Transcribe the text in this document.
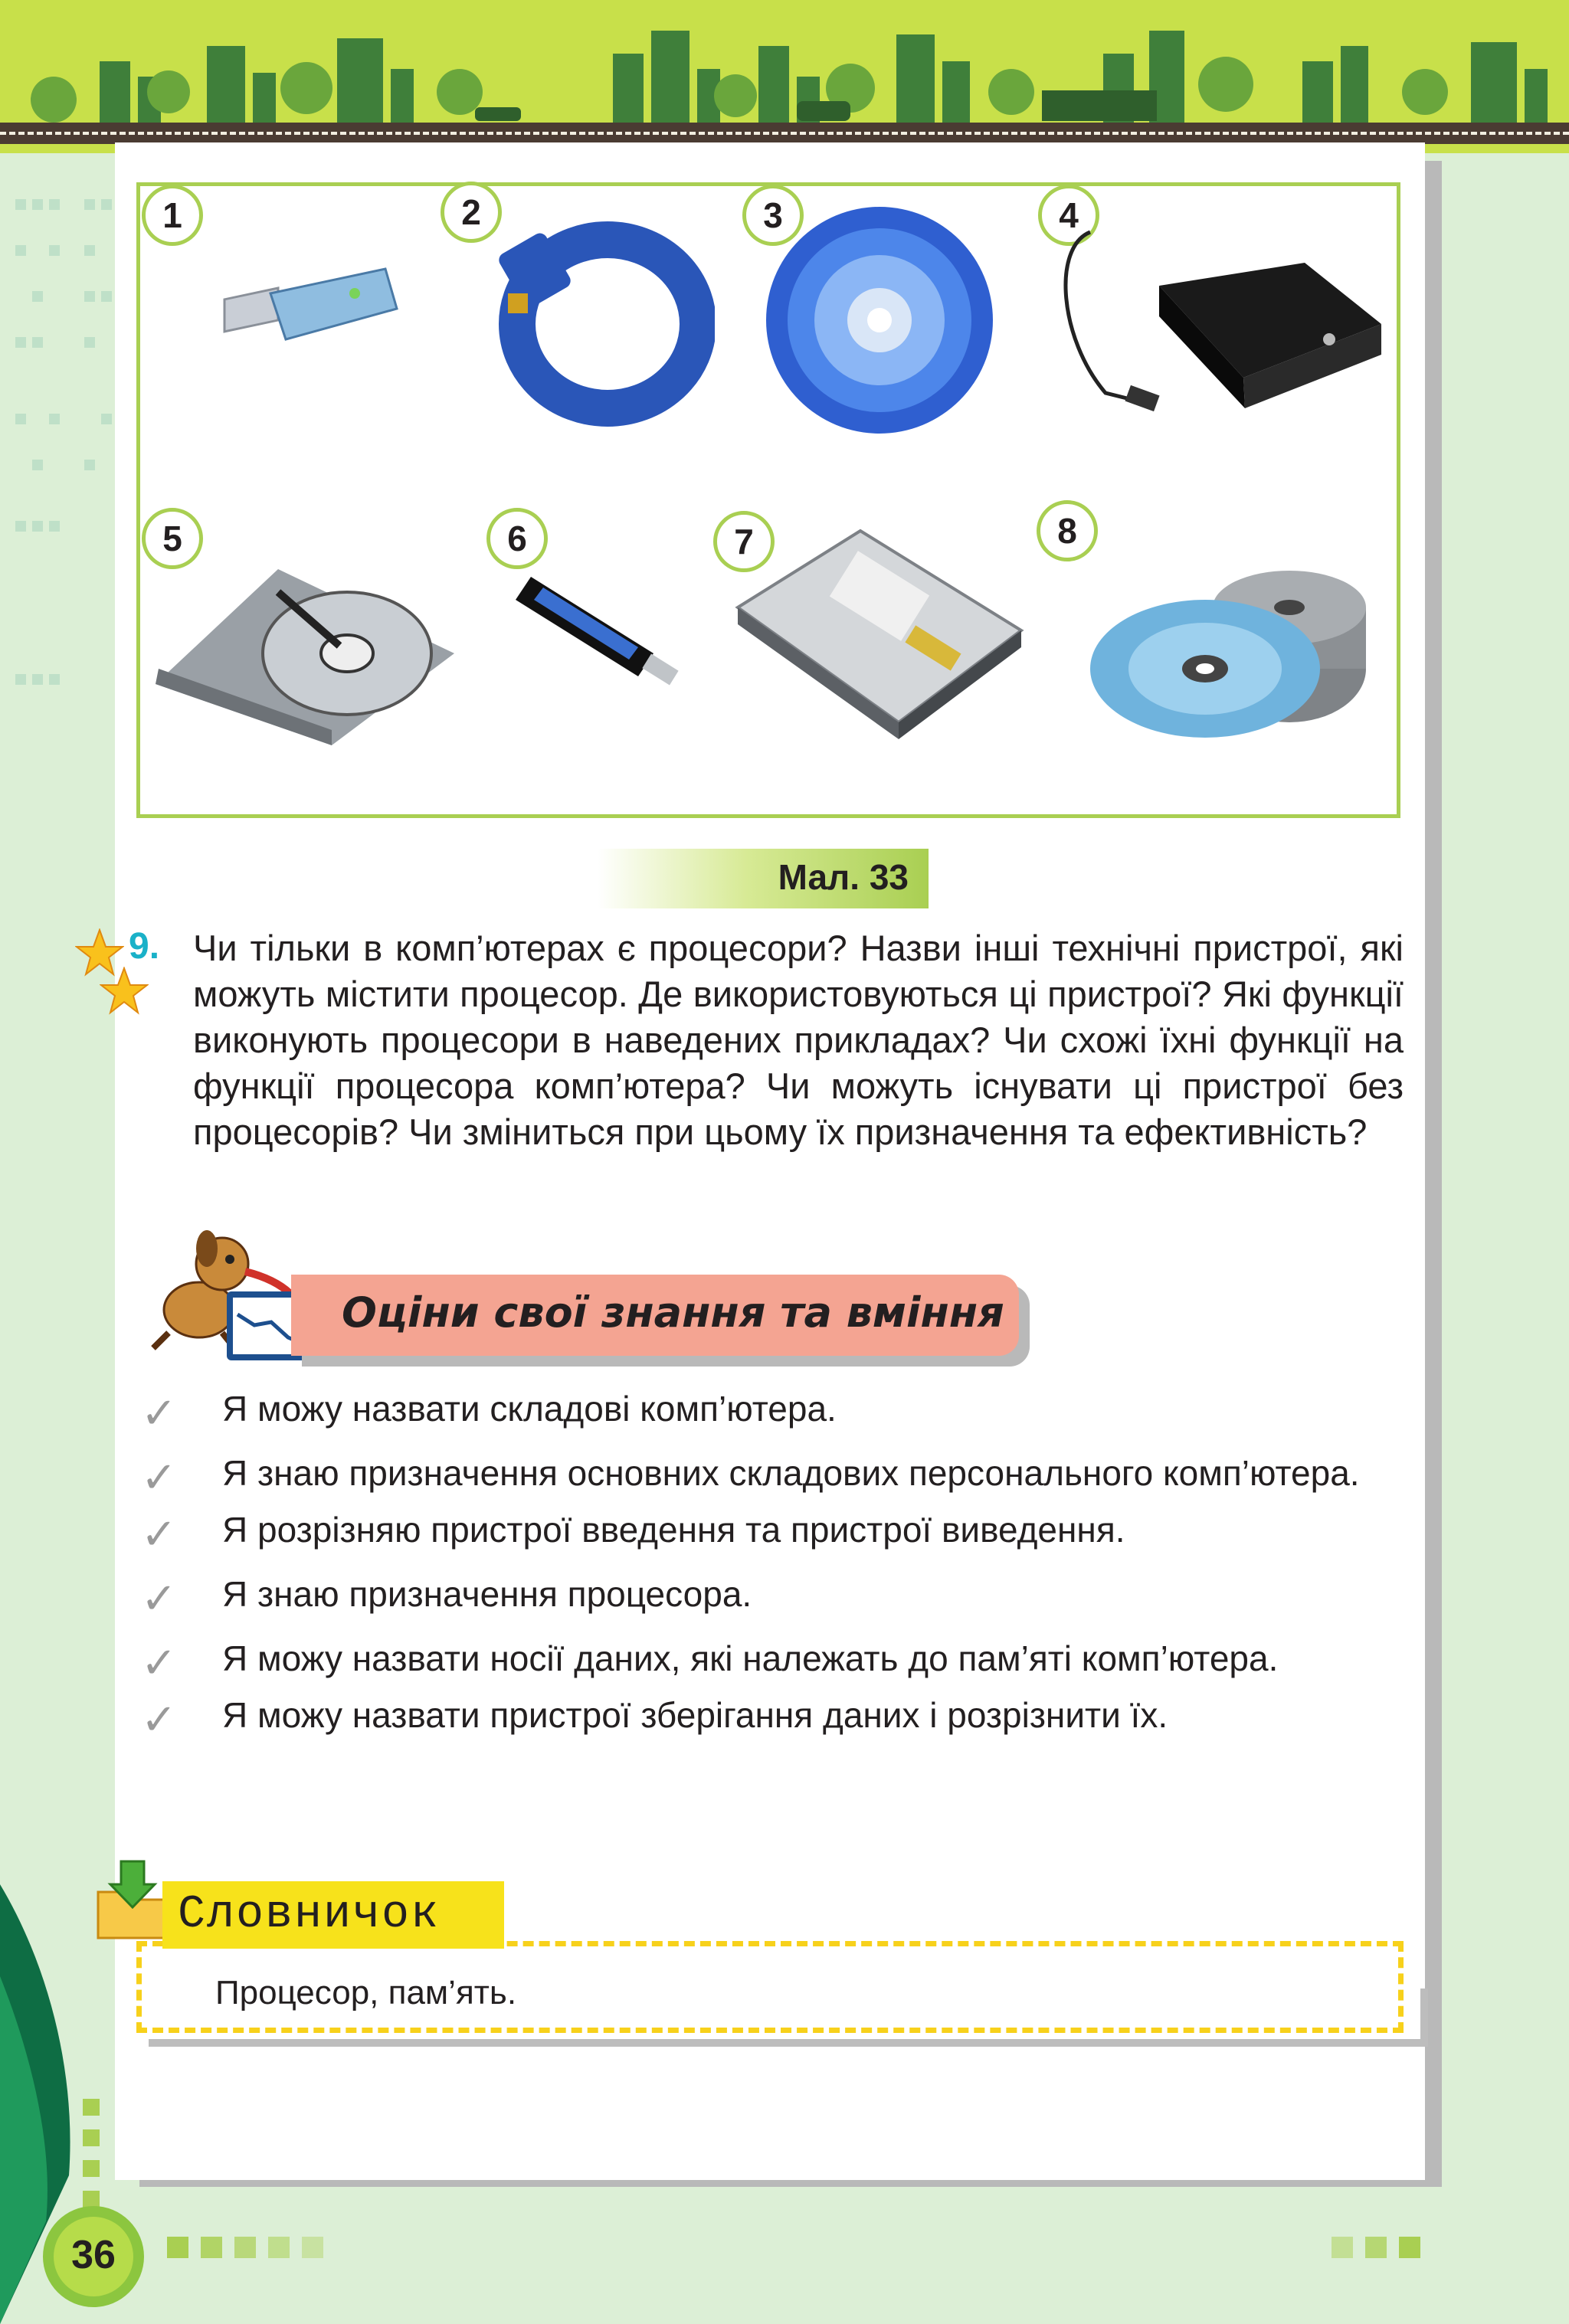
1	2	3	4
5	6	7	8
Мал. 33
9. Чи тільки в комп’ютерах є процесори? Назви інші технічні пристрої, які можуть містити процесор. Де використовуються ці пристрої? Які функції виконують процесори в наведених прикладах? Чи схожі їхні функції на функції процесора комп’ютера? Чи можуть існувати ці пристрої без процесорів? Чи зміниться при цьому їх призначення та ефективність?

Оціни свої знання та вміння
✓ Я можу назвати складові комп’ютера.
✓ Я знаю призначення основних складових персонального комп’ютера.
✓ Я розрізняю пристрої введення та пристрої виведення.
✓ Я знаю призначення процесора.
✓ Я можу назвати носії даних, які належать до пам’яті комп’ютера.
✓ Я можу назвати пристрої зберігання даних і розрізнити їх.
Процесор, пам’ять.
Словничок
36
